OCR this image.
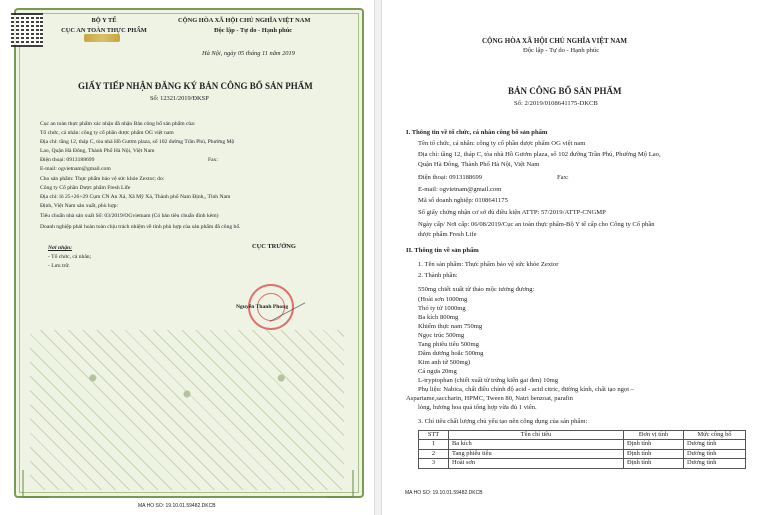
BỘ Y TẾ
CỤC AN TOÀN THỰC PHẨM
CỘNG HÒA XÃ HỘI CHỦ NGHĨA VIỆT NAM
Độc lập - Tự do - Hạnh phúc
Hà Nội, ngày 05 tháng 11 năm 2019
GIẤY TIẾP NHẬN ĐĂNG KÝ BẢN CÔNG BỐ SẢN PHẨM
Số: 12321/2019/ĐKSP
Cục an toàn thực phẩm xác nhận đã nhận Bản công bố sản phẩm của:
Tổ chức, cá nhân: công ty cổ phần dược phẩm OG việt nam
Địa chỉ: tầng 12, tháp C, tòa nhà Hồ Gươm plaza, số 102 đường Trần Phú, Phường Mộ
Lao, Quận Hà Đông, Thành Phố Hà Nội, Việt Nam
Điện thoại: 0913188699	Fax:
E-mail: ogvietnam@gmail.com
Cho sản phẩm: Thực phẩm bảo vệ sức khỏe Zextor; do:
Công ty Cổ phần Dược phẩm Fresh Life
Địa chỉ: lô 25+26+29 Cụm CN An Xá, Xã Mỹ Xá, Thành phố Nam Định,, Tỉnh Nam
Định, Việt Nam sản xuất, phù hợp:
Tiêu chuẩn nhà sản xuất Số: 03/2019/OGvietnam (Có bản tiêu chuẩn đính kèm)
Doanh nghiệp phải hoàn toàn chịu trách nhiệm về tính phù hợp của sản phẩm đã công bố.
Nơi nhận:
- Tổ chức, cá nhân;
- Lưu trữ.
CỤC TRƯỞNG
Nguyễn Thanh Phong
MA HO SO: 19.10.01.59482.DKCB
CỘNG HÒA XÃ HỘI CHỦ NGHĨA VIỆT NAM
Độc lập - Tự do - Hạnh phúc
BẢN CÔNG BỐ SẢN PHẨM
Số: 2/2019/0108641175-DKCB
I. Thông tin về tổ chức, cá nhân công bố sản phẩm
Tên tổ chức, cá nhân: công ty cổ phần dược phẩm OG việt nam
Địa chỉ: tầng 12, tháp C, tòa nhà Hồ Gươm plaza, số 102 đường Trần Phú, Phường Mộ Lao,
Quận Hà Đông, Thành Phố Hà Nội, Việt Nam
Điện thoại: 0913188699	Fax:
E-mail: ogvietnam@gmail.com
Mã số doanh nghiệp: 0108641175
Số giấy chứng nhận cơ sở đủ điều kiện ATTP: 57/2019/ATTP-CNGMP
Ngày cấp/ Nơi cấp: 06/08/2019/Cục an toàn thực phẩm-Bộ Y tế cấp cho Công ty Cổ phần
dược phẩm Fresh Life
II. Thông tin về sản phẩm
1. Tên sản phẩm: Thực phẩm bảo vệ sức khỏe Zextor
2. Thành phần:
550mg chiết xuất từ thảo mộc tương đương:
(Hoài sơn 1000mg
Thỏ ty tử 1000mg
Ba kích 800mg
Khiếm thực nam 750mg
Ngọc trúc 500mg
Tang phiêu tiêu 500mg
Dâm dương hoắc 500mg
Kim anh tử 500mg)
Cá ngựa 20mg
L-tryptophan (chiết xuất từ trứng kiến gai đen) 10mg
Phụ liệu: Nabica, chất điều chỉnh độ acid - acid citric, đường kính, chất tạo ngọt –
Aspartame,saccharin, HPMC, Tween 80, Natri benzoat, parafin
lỏng, hương hoa quả tổng hợp vừa đủ 1 viên.
3. Chỉ tiêu chất lượng chủ yếu tạo nên công dụng của sản phẩm:
STT	Tên chỉ tiêu	Đơn vị tính	Mức công bố
1	Ba kích	Định tính	Dương tính
2	Tang phiêu tiêu	Định tính	Dương tính
3	Hoài sơn	Định tính	Dương tính
MA HO SO: 19.10.01.59482.DKCB
